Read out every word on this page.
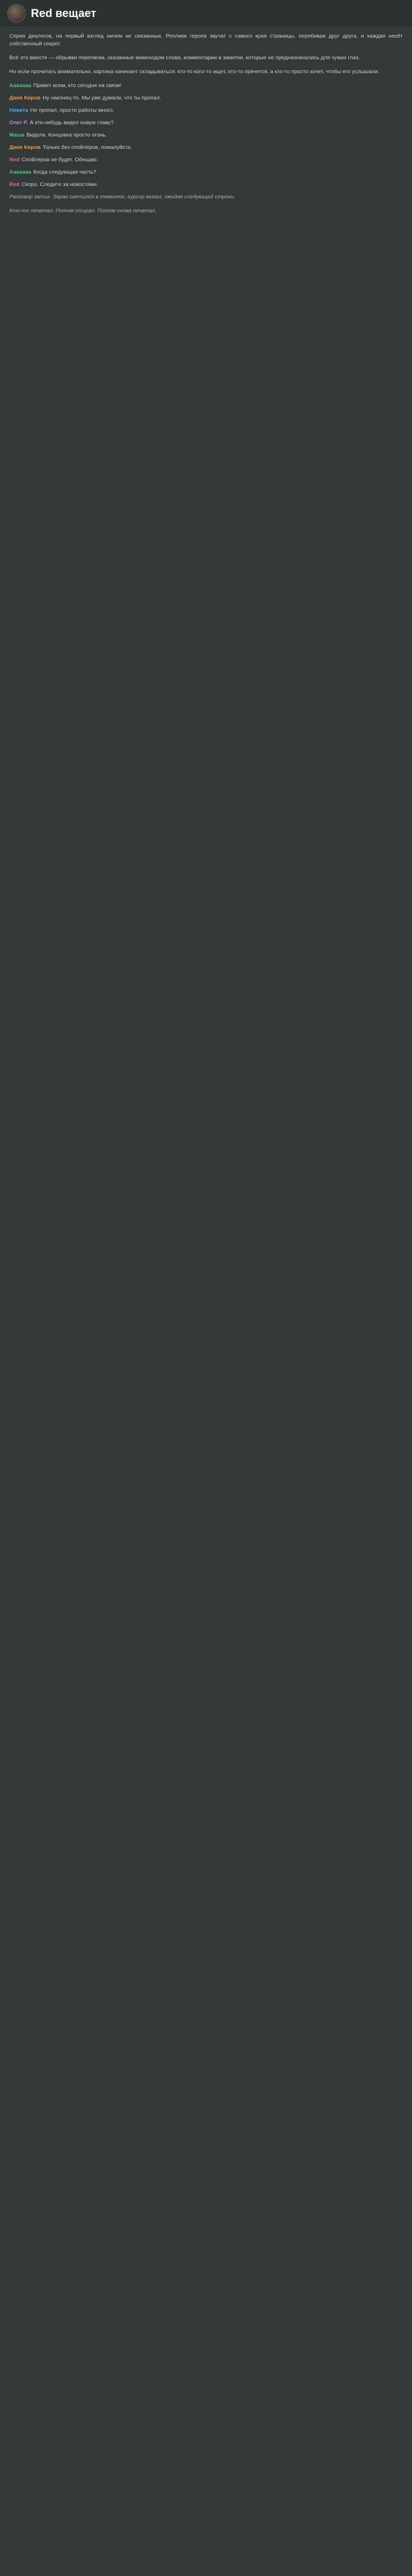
Red вещает

Серия диалогов, на первый взгляд ничем не связанных. Реплики героев звучат с самого края страницы, перебивая друг друга, и каждая несёт собственный секрет.

Всё это вместе — обрывки переписки, сказанные мимоходом слова, комментарии и заметки, которые не предназначались для чужих глаз.

Но если прочитать внимательно, картина начинает складываться: кто-то кого-то ищет, кто-то прячется, а кто-то просто хочет, чтобы его услышали.

Ааааааа Привет всем, кто сегодня на связи!
Даня Киров Ну наконец-то. Мы уже думали, что ты пропал.
Никита Не пропал, просто работы много.
Олег Р. А кто-нибудь видел новую главу?
Маша Видела. Концовка просто огонь.
Даня Киров Только без спойлеров, пожалуйста.
Red Спойлеров не будет. Обещаю.
Ааааааа Когда следующая часть?
Red Скоро. Следите за новостями.

Разговор затих. Экран светился в темноте, курсор мигал, ожидая следующей строки.

Кто-то печатал. Потом стирал. Потом снова печатал.
